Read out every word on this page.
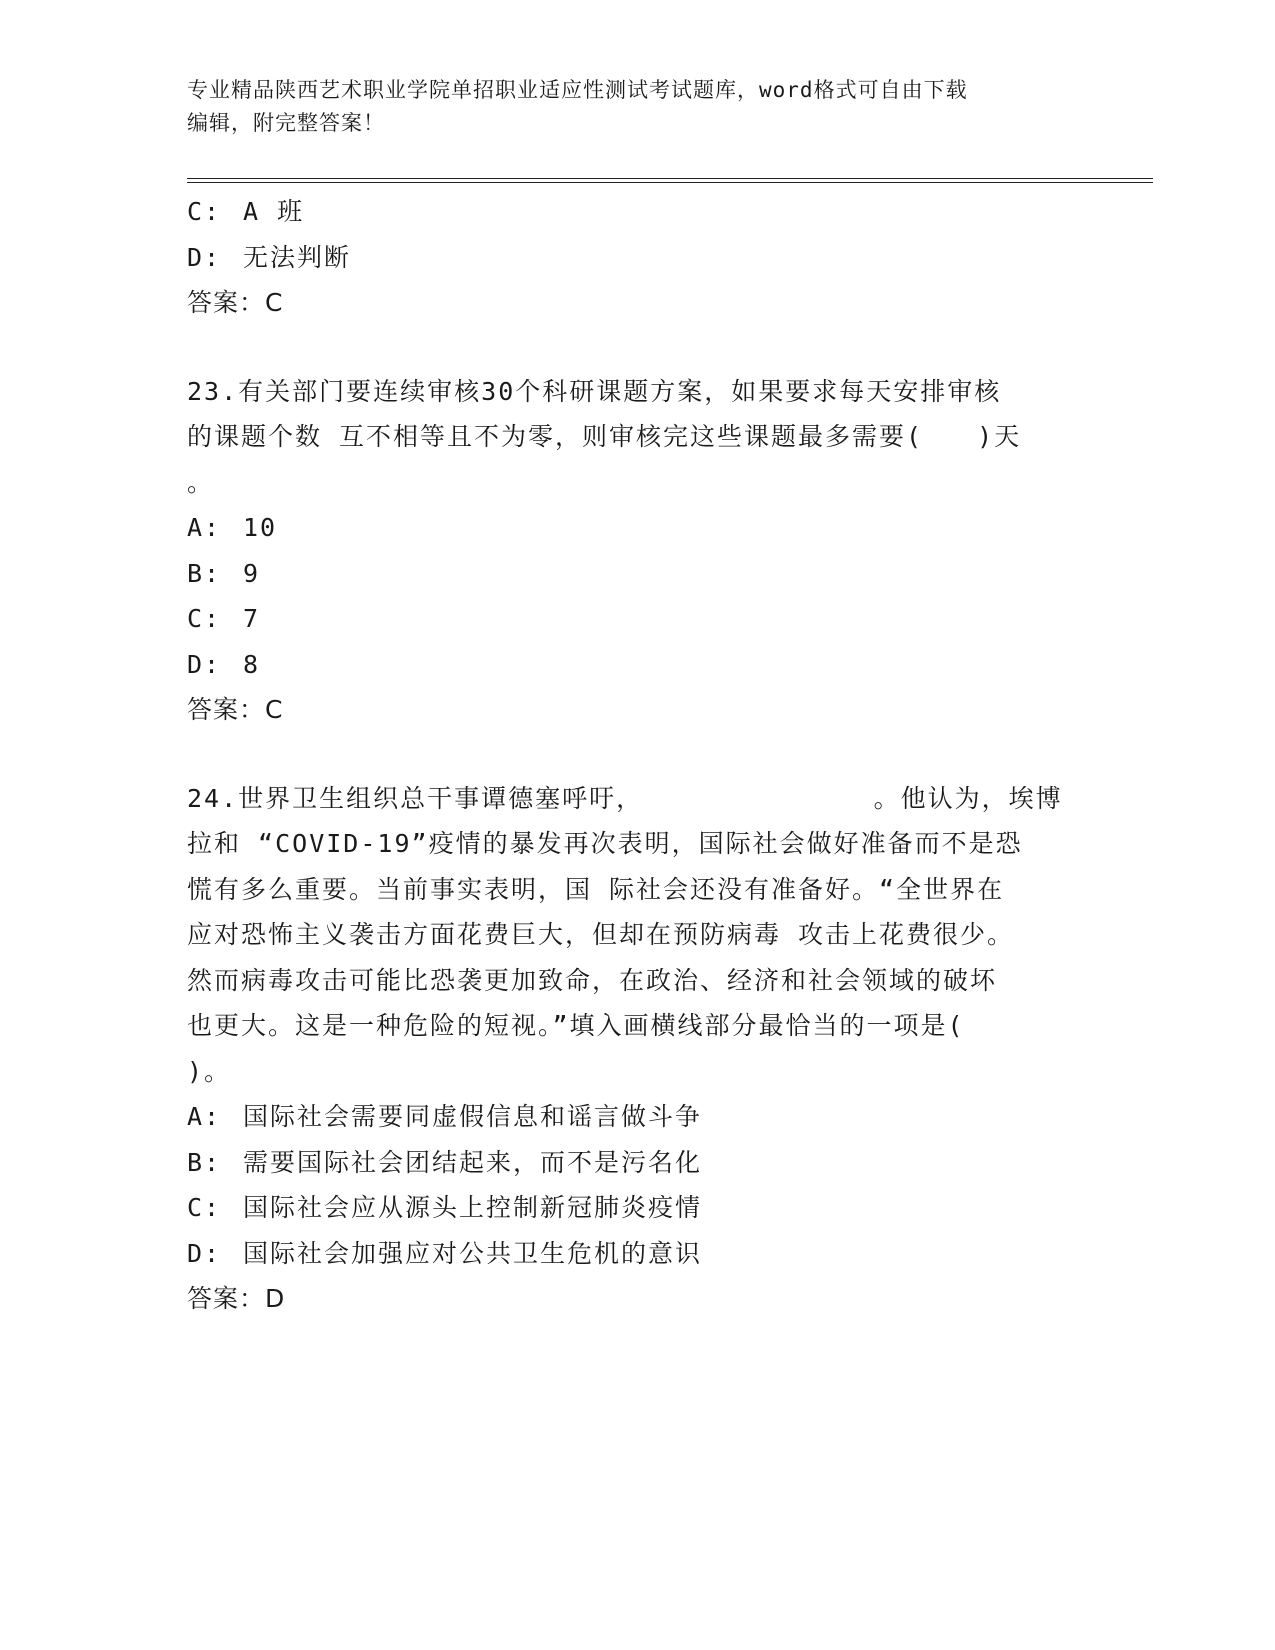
专业精品陕西艺术职业学院单招职业适应性测试考试题库，word格式可自由下载
编辑，附完整答案！
C: A 班
D: 无法判断
答案：C
23.有关部门要连续审核30个科研课题方案，如果要求每天安排审核
的课题个数 互不相等且不为零，则审核完这些课题最多需要(　　)天
。
A: 10
B: 9
C: 7
D: 8
答案：C
24.世界卫生组织总干事谭德塞呼吁，　　　　　　　　　。他认为，埃博
拉和 “COVID-19”疫情的暴发再次表明，国际社会做好准备而不是恐
慌有多么重要。当前事实表明，国 际社会还没有准备好。“全世界在
应对恐怖主义袭击方面花费巨大，但却在预防病毒 攻击上花费很少。
然而病毒攻击可能比恐袭更加致命，在政治、经济和社会领域的破坏
也更大。这是一种危险的短视。”填入画横线部分最恰当的一项是(
)。
A: 国际社会需要同虚假信息和谣言做斗争
B: 需要国际社会团结起来，而不是污名化
C: 国际社会应从源头上控制新冠肺炎疫情
D: 国际社会加强应对公共卫生危机的意识
答案：D
